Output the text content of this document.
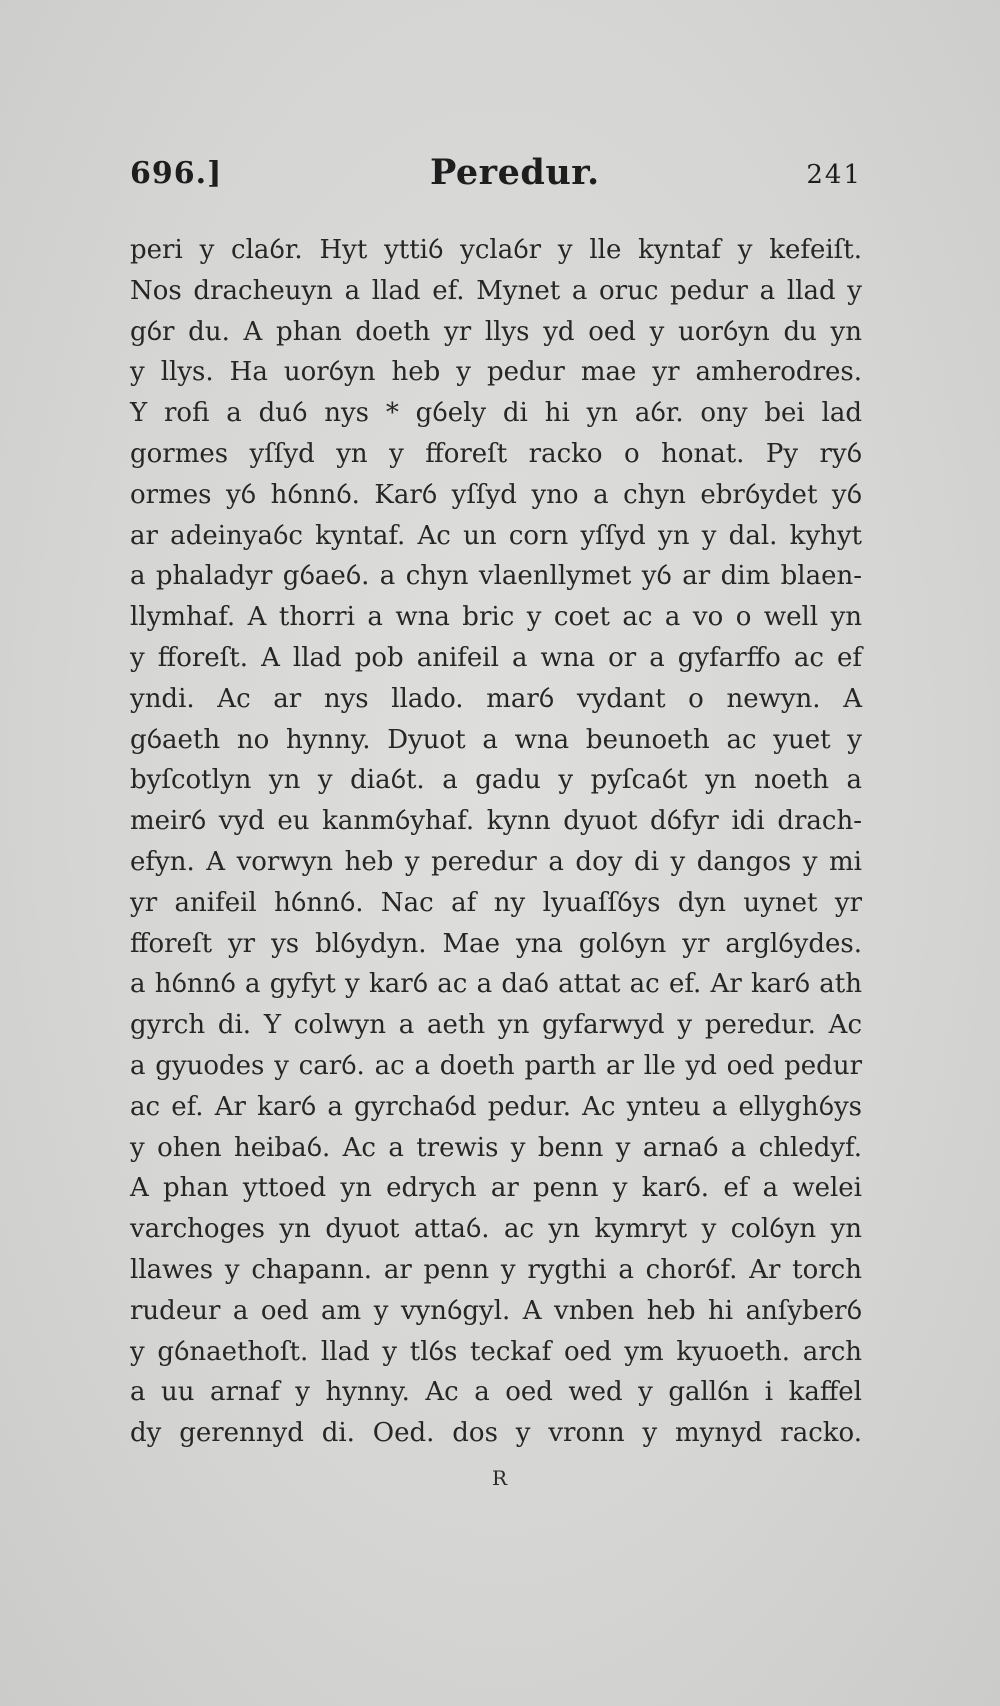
696.]	Peredur.	241
peri y claỽr. Hyt yttiỽ yclaỽr y lle kyntaf y kefeiſt.
Nos dracheuyn a llad ef. Mynet a oruc pedur a llad y
gỽr du. A phan doeth yr llys yd oed y uorỽyn du yn
y llys. Ha uorỽyn heb y pedur mae yr amherodres.
Y rofi a duỽ nys * gỽely di hi yn aỽr. ony bei lad
gormes yſſyd yn y fforeſt racko o honat. Py ryỽ
ormes yỽ hỽnnỽ. Karỽ yſſyd yno a chyn ebrỽydet yỽ
ar adeinyaỽc kyntaf. Ac un corn yſſyd yn y dal. kyhyt
a phaladyr gỽaeỽ. a chyn vlaenllymet yỽ ar dim blaen-
llymhaf. A thorri a wna bric y coet ac a vo o well yn
y fforeſt. A llad pob anifeil a wna or a gyfarffo ac ef
yndi. Ac ar nys llado. marỽ vydant o newyn. A
gỽaeth no hynny. Dyuot a wna beunoeth ac yuet y
byſcotlyn yn y diaỽt. a gadu y pyſcaỽt yn noeth a
meirỽ vyd eu kanmỽyhaf. kynn dyuot dỽfyr idi drach-
efyn. A vorwyn heb y peredur a doy di y dangos y mi
yr anifeil hỽnnỽ. Nac af ny lyuaſſỽys dyn uynet yr
fforeſt yr ys blỽydyn. Mae yna golỽyn yr arglỽydes.
a hỽnnỽ a gyfyt y karỽ ac a daỽ attat ac ef. Ar karỽ ath
gyrch di. Y colwyn a aeth yn gyfarwyd y peredur. Ac
a gyuodes y carỽ. ac a doeth parth ar lle yd oed pedur
ac ef. Ar karỽ a gyrchaỽd pedur. Ac ynteu a ellyghỽys
y ohen heibaỽ. Ac a trewis y benn y arnaỽ a chledyf.
A phan yttoed yn edrych ar penn y karỽ. ef a welei
varchoges yn dyuot attaỽ. ac yn kymryt y colỽyn yn
llawes y chapann. ar penn y rygthi a chorỽf. Ar torch
rudeur a oed am y vynỽgyl. A vnben heb hi anſyberỽ
y gỽnaethoſt. llad y tlỽs teckaf oed ym kyuoeth. arch
a uu arnaf y hynny. Ac a oed wed y gallỽn i kaffel
dy gerennyd di. Oed. dos y vronn y mynyd racko.
R
